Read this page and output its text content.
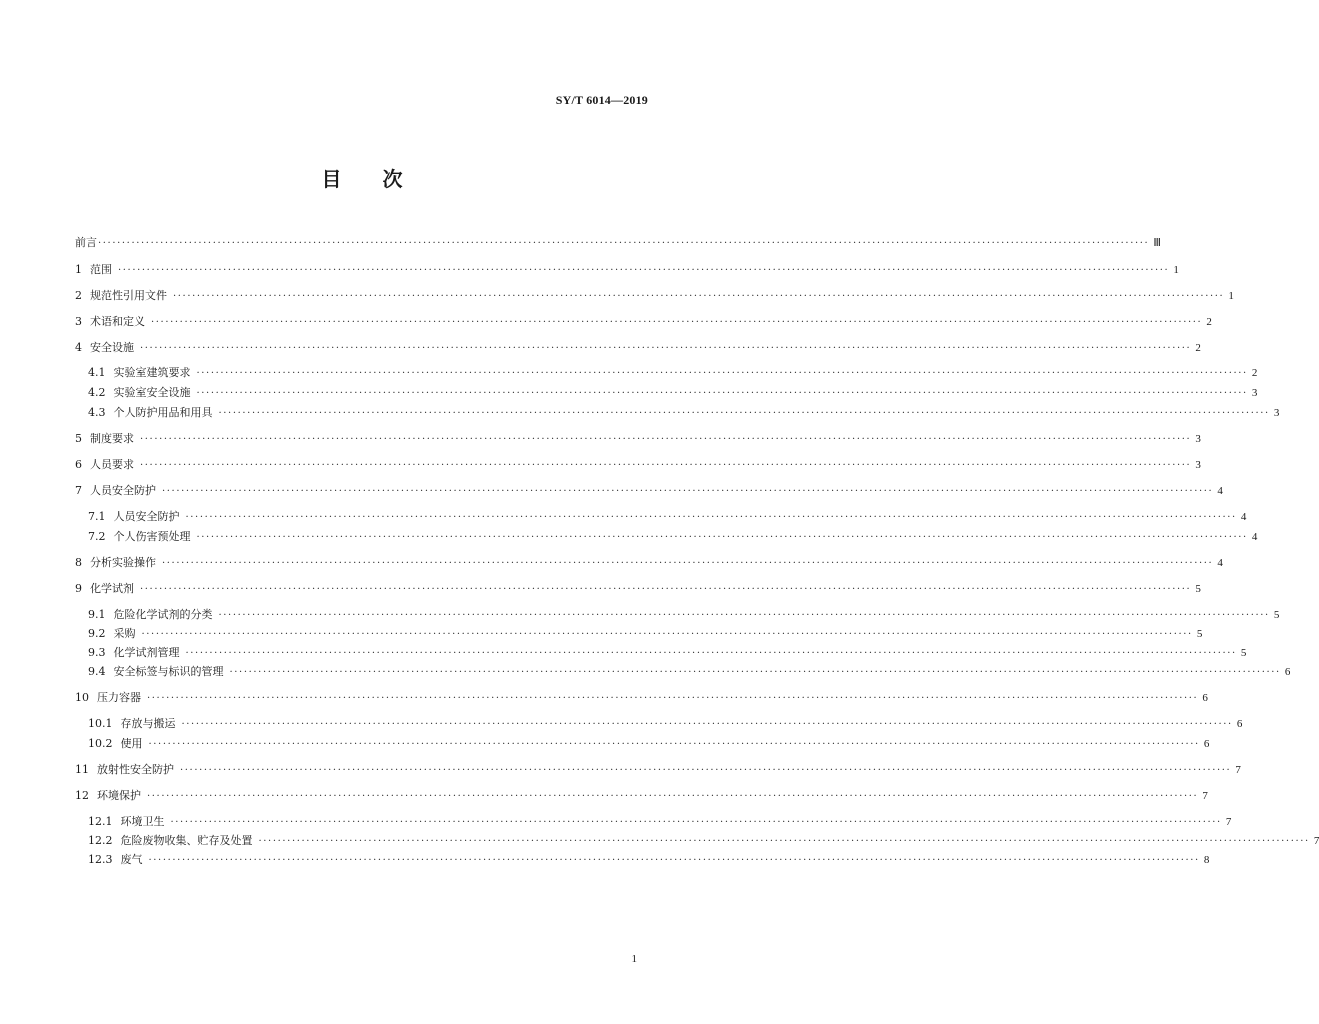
SY/T 6014—2019
目 次
前言 ···························································································································································································································· Ⅲ
1 范围 ···························································································································································································································· 1
2 规范性引用文件 ···························································································································································································································· 1
3 术语和定义 ···························································································································································································································· 2
4 安全设施 ···························································································································································································································· 2
4.1 实验室建筑要求 ···························································································································································································································· 2
4.2 实验室安全设施 ···························································································································································································································· 3
4.3 个人防护用品和用具 ···························································································································································································································· 3
5 制度要求 ···························································································································································································································· 3
6 人员要求 ···························································································································································································································· 3
7 人员安全防护 ···························································································································································································································· 4
7.1 人员安全防护 ···························································································································································································································· 4
7.2 个人伤害预处理 ···························································································································································································································· 4
8 分析实验操作 ···························································································································································································································· 4
9 化学试剂 ···························································································································································································································· 5
9.1 危险化学试剂的分类 ···························································································································································································································· 5
9.2 采购 ···························································································································································································································· 5
9.3 化学试剂管理 ···························································································································································································································· 5
9.4 安全标签与标识的管理 ···························································································································································································································· 6
10 压力容器 ···························································································································································································································· 6
10.1 存放与搬运 ···························································································································································································································· 6
10.2 使用 ···························································································································································································································· 6
11 放射性安全防护 ···························································································································································································································· 7
12 环境保护 ···························································································································································································································· 7
12.1 环境卫生 ···························································································································································································································· 7
12.2 危险废物收集、贮存及处置 ···························································································································································································································· 7
12.3 废气 ···························································································································································································································· 8
1
